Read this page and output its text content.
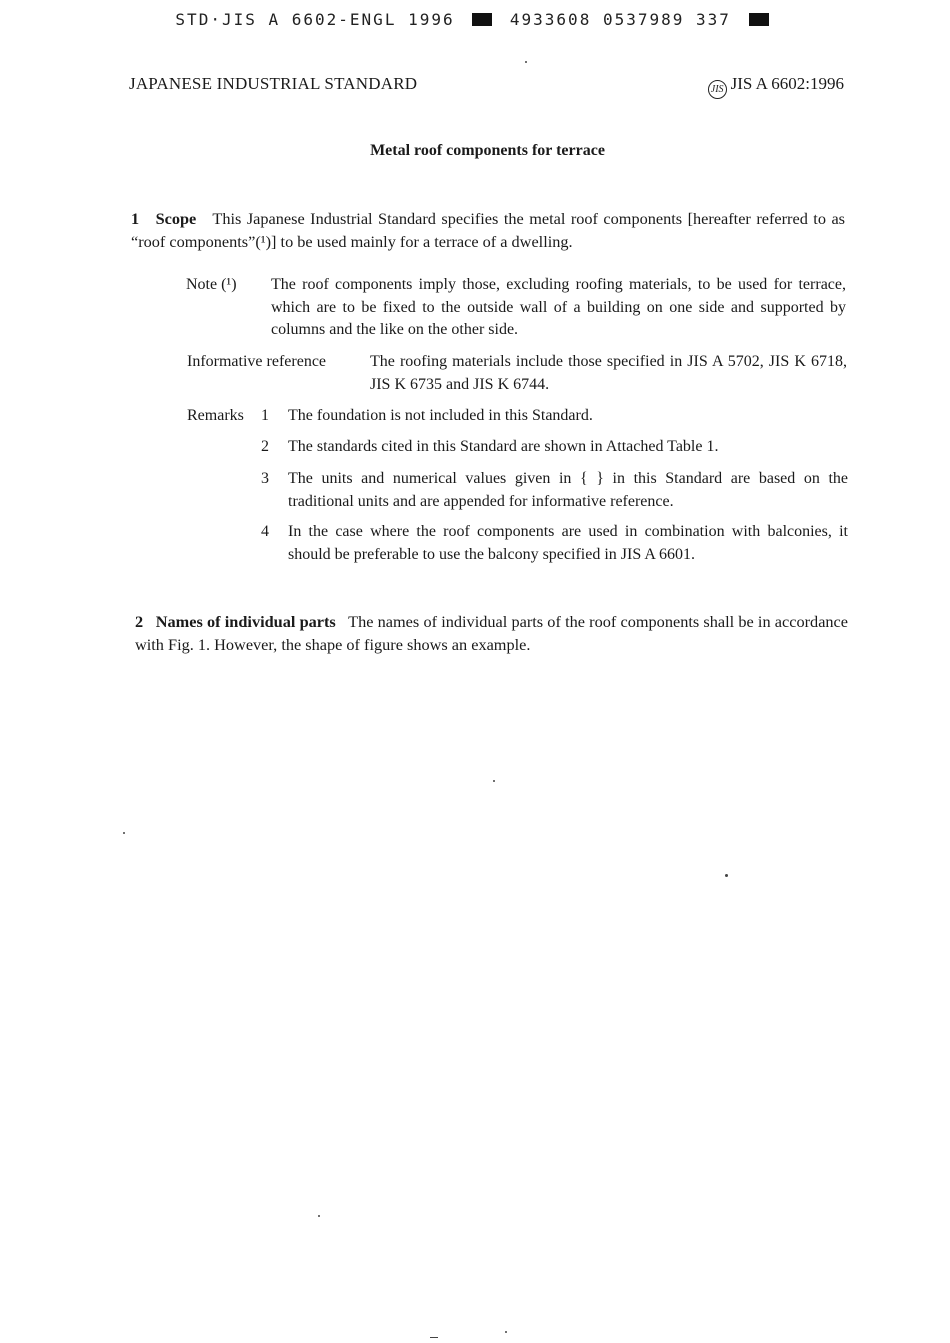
STD·JIS A 6602-ENGL 1996	4933608 0537989 337
JAPANESE INDUSTRIAL STANDARD	JIS JIS A 6602:1996
Metal roof components for terrace
1 Scope This Japanese Industrial Standard specifies the metal roof components [hereafter referred to as “roof components”(¹)] to be used mainly for a terrace of a dwelling.
Note (¹) The roof components imply those, excluding roofing materials, to be used for terrace, which are to be fixed to the outside wall of a building on one side and supported by columns and the like on the other side.
Informative reference	The roofing materials include those specified in JIS A 5702, JIS K 6718, JIS K 6735 and JIS K 6744.
Remarks 1 The foundation is not included in this Standard.
2 The standards cited in this Standard are shown in Attached Table 1.
3 The units and numerical values given in { } in this Standard are based on the traditional units and are appended for informative reference.
4 In the case where the roof components are used in combination with balconies, it should be preferable to use the balcony specified in JIS A 6601.
2 Names of individual parts The names of individual parts of the roof components shall be in accordance with Fig. 1. However, the shape of figure shows an example.
